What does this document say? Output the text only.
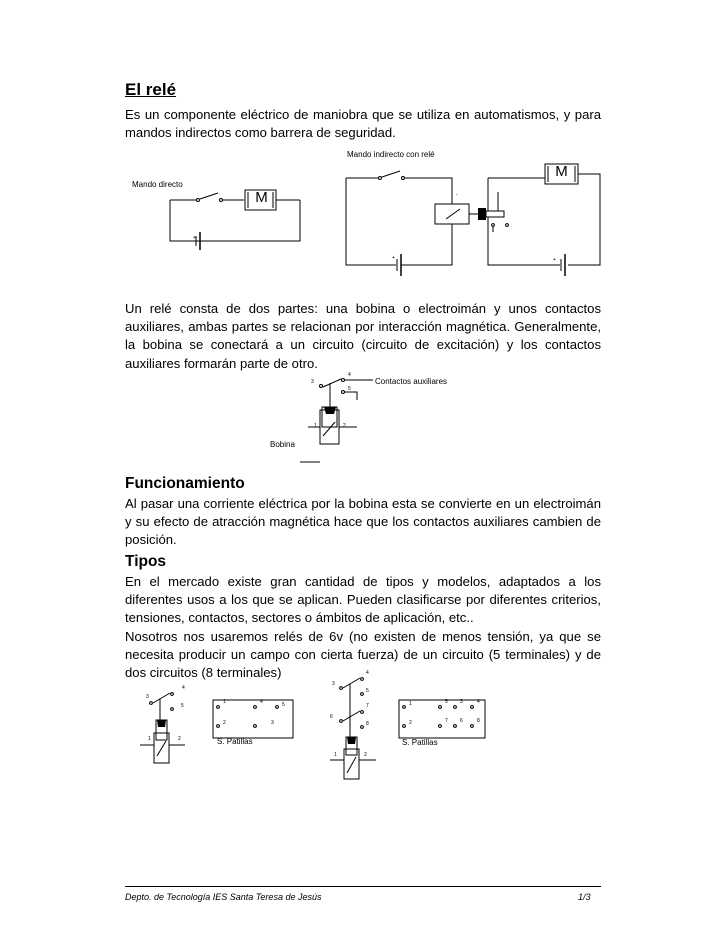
El relé

Es un componente eléctrico de maniobra que se utiliza en automatismos, y para mandos indirectos como barrera de seguridad.

Mando indirecto con relé
Mando directo
M
M
+
+	+
-

Un relé consta de dos partes: una bobina o electroimán y unos contactos auxiliares, ambas partes se relacionan por interacción magnética. Generalmente, la bobina se conectará a un circuito (circuito de excitación) y los contactos auxiliares formarán parte de otro.

4
3
5
1	2
Contactos auxiliares
Bobina
Funcionamiento

Al pasar una corriente eléctrica por la bobina esta se convierte en un electroimán y su efecto de atracción magnética hace que los contactos auxiliares cambien de posición.

Tipos

En el mercado existe gran cantidad de tipos y modelos, adaptados a los diferentes usos a los que se aplican. Pueden clasificarse por diferentes criterios, tensiones, contactos, sectores o ámbitos de aplicación, etc..

Nosotros nos usaremos relés de 6v (no existen de menos tensión, ya que se necesita producir un campo con cierta fuerza) de un circuito (5 terminales) y de dos circuitos (8 terminales)

4
3
5
1	2
1	4	5
2	3
S. Patillas
4
3
5
7
6
8
1	2
1	5 3	4
2	7 6	8
S. Patillas
Depto. de Tecnología IES Santa Teresa de Jesús	1/3
